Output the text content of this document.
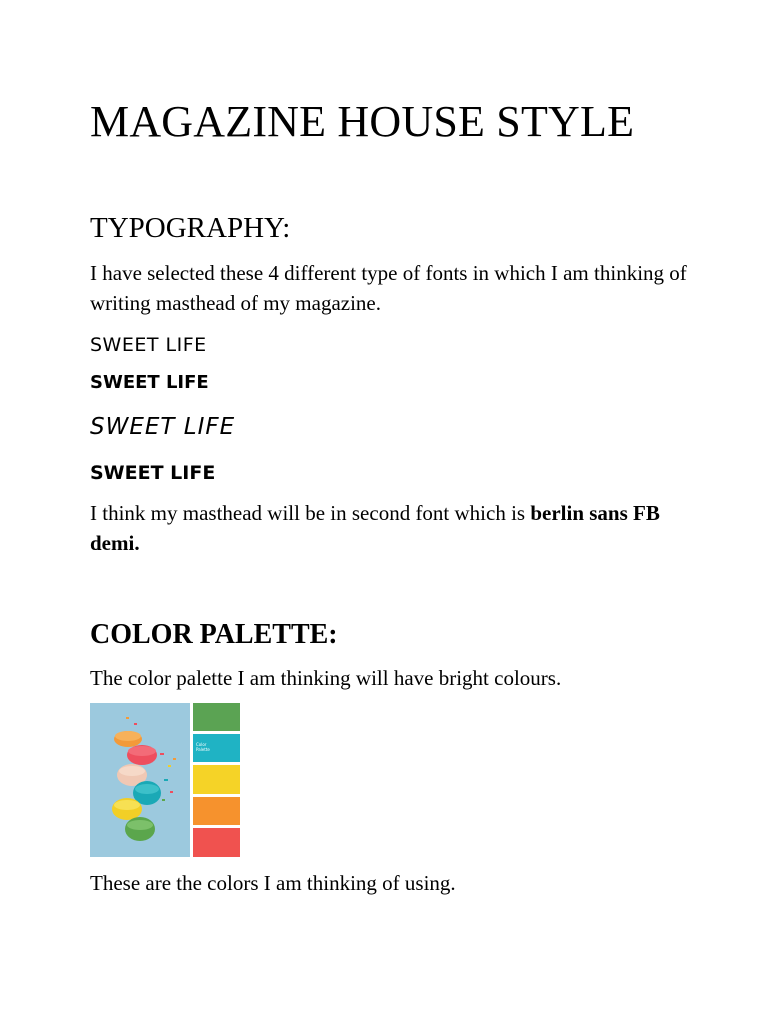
MAGAZINE HOUSE STYLE
TYPOGRAPHY:

I have selected these 4 different type of fonts in which I am thinking of writing masthead of my magazine.

SWEET LIFE
SWEET LIFE
SWEET LIFE
SWEET LIFE

I think my masthead will be in second font which is berlin sans FB demi.

COLOR PALETTE:

The color palette I am thinking will have bright colours.

Color
Palette

These are the colors I am thinking of using.
